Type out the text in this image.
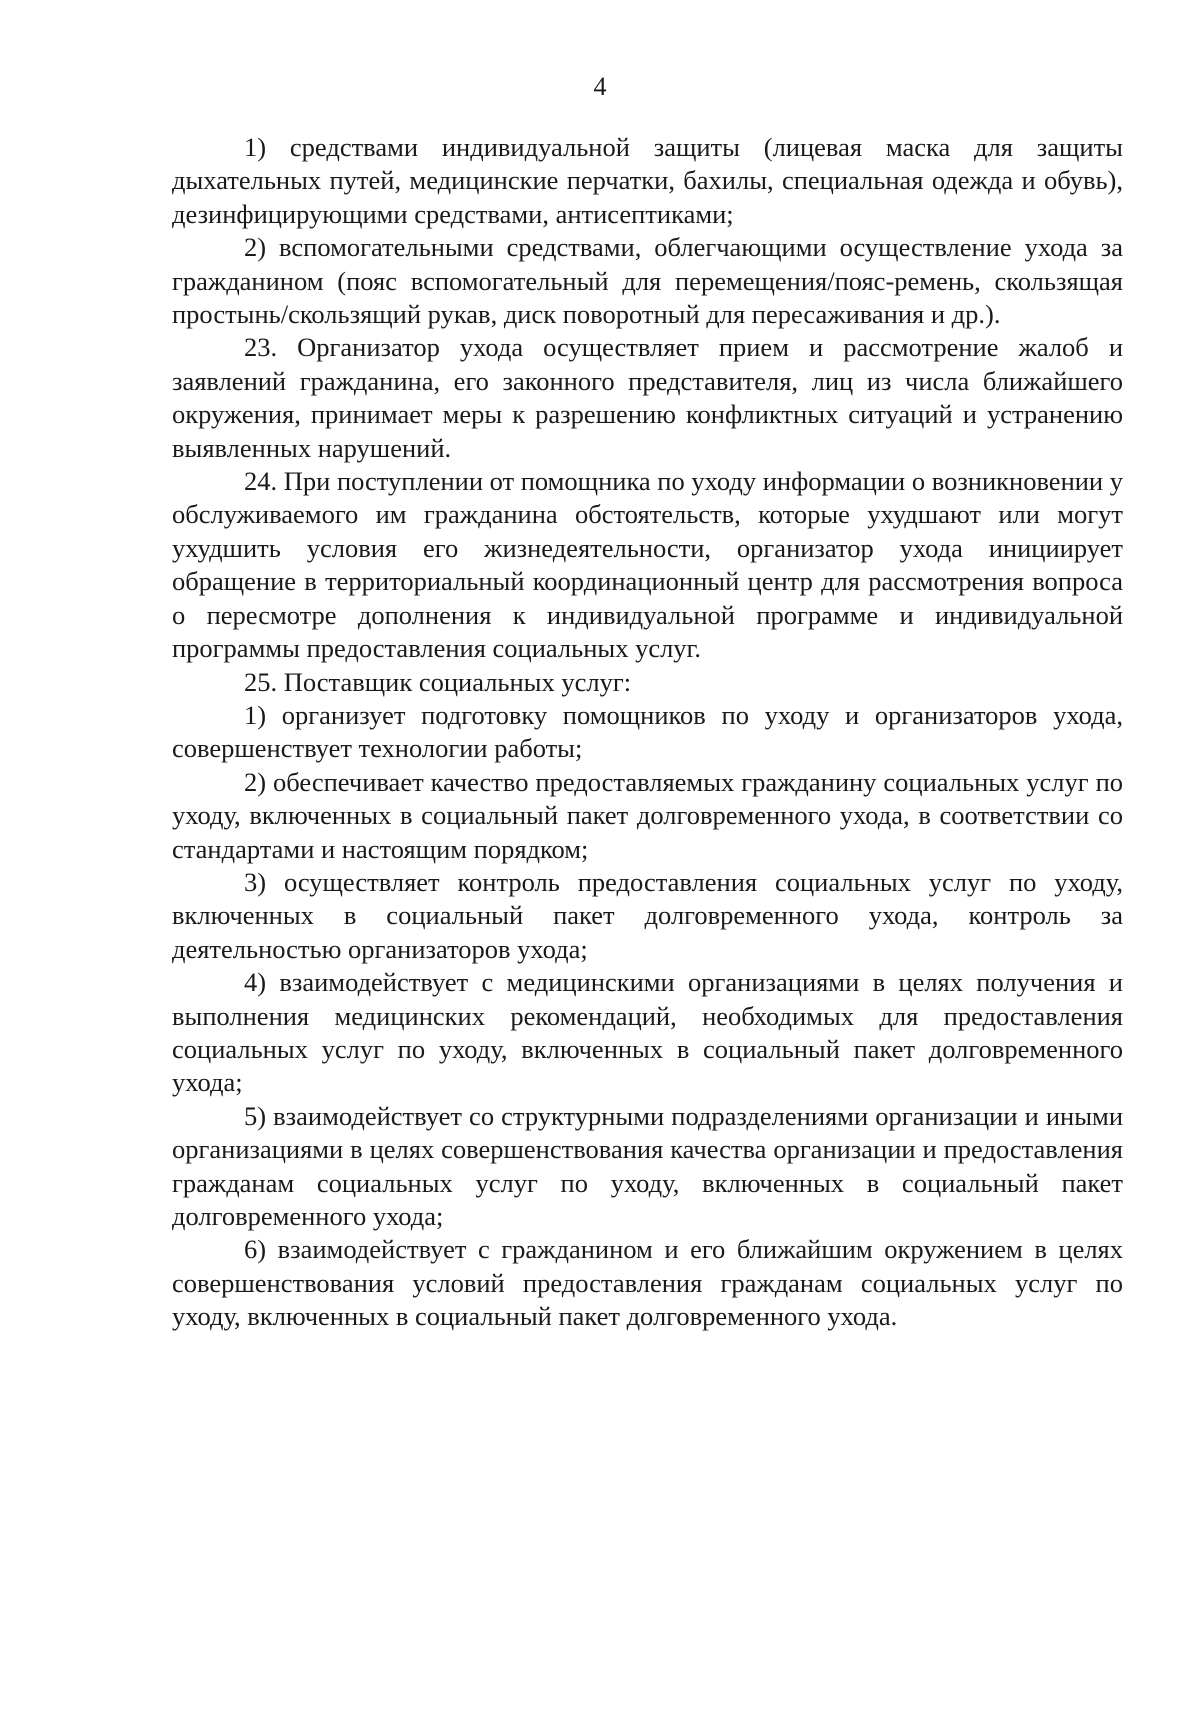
4

1) средствами индивидуальной защиты (лицевая маска для защиты дыхательных путей, медицинские перчатки, бахилы, специальная одежда и обувь), дезинфицирующими средствами, антисептиками;

2) вспомогательными средствами, облегчающими осуществление ухода за гражданином (пояс вспомогательный для перемещения/пояс-ремень, скользящая простынь/скользящий рукав, диск поворотный для пересаживания и др.).

23. Организатор ухода осуществляет прием и рассмотрение жалоб и заявлений гражданина, его законного представителя, лиц из числа ближайшего окружения, принимает меры к разрешению конфликтных ситуаций и устранению выявленных нарушений.

24. При поступлении от помощника по уходу информации о возникновении у обслуживаемого им гражданина обстоятельств, которые ухудшают или могут ухудшить условия его жизнедеятельности, организатор ухода инициирует обращение в территориальный координационный центр для рассмотрения вопроса о пересмотре дополнения к индивидуальной программе и индивидуальной программы предоставления социальных услуг.

25. Поставщик социальных услуг:

1) организует подготовку помощников по уходу и организаторов ухода, совершенствует технологии работы;

2) обеспечивает качество предоставляемых гражданину социальных услуг по уходу, включенных в социальный пакет долговременного ухода, в соответствии со стандартами и настоящим порядком;

3) осуществляет контроль предоставления социальных услуг по уходу, включенных в социальный пакет долговременного ухода, контроль за деятельностью организаторов ухода;

4) взаимодействует с медицинскими организациями в целях получения и выполнения медицинских рекомендаций, необходимых для предоставления социальных услуг по уходу, включенных в социальный пакет долговременного ухода;

5) взаимодействует со структурными подразделениями организации и иными организациями в целях совершенствования качества организации и предоставления гражданам социальных услуг по уходу, включенных в социальный пакет долговременного ухода;

6) взаимодействует с гражданином и его ближайшим окружением в целях совершенствования условий предоставления гражданам социальных услуг по уходу, включенных в социальный пакет долговременного ухода.
